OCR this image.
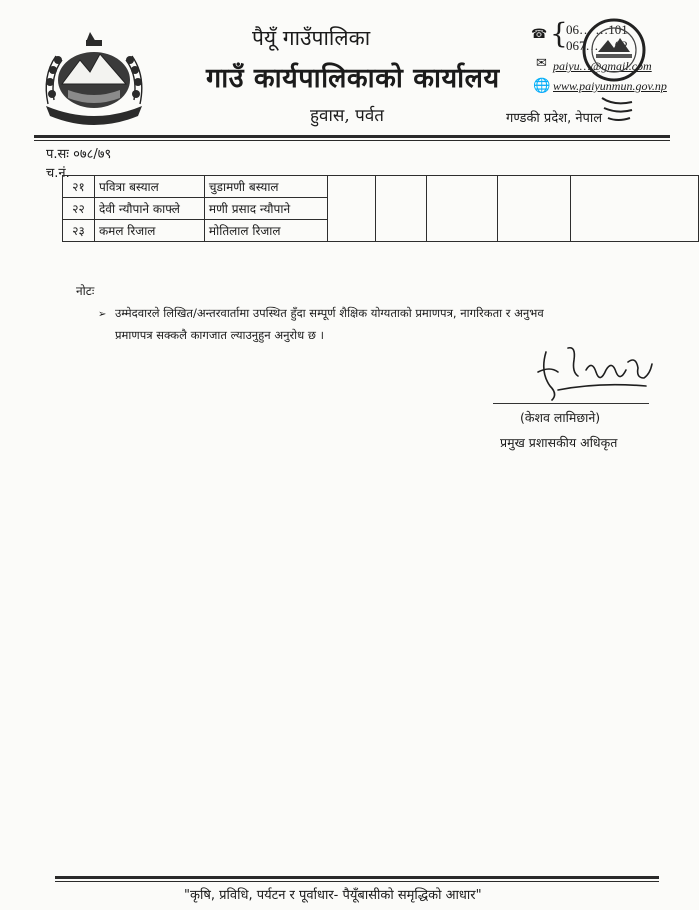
पैयूँ गाउँपालिका
गाउँ कार्यपालिकाको कार्यालय
हुवास, पर्वत
☎ {
06… …101
067… …02
✉ paiyu…@gmail.com
🌐 www.paiyunmun.gov.np
गण्डकी प्रदेश, नेपाल
प.सः ०७८/७९
च.नं.
२१	पवित्रा बस्याल	चुडामणी बस्याल					
२२	देवी न्यौपाने काफ्ले	मणी प्रसाद न्यौपाने					
२३	कमल रिजाल	मोतिलाल रिजाल					
नोटः
➢ उम्मेदवारले लिखित/अन्तरवार्तामा उपस्थित हुँदा सम्पूर्ण शैक्षिक योग्यताको प्रमाणपत्र, नागरिकता र अनुभव
प्रमाणपत्र सक्कलै कागजात ल्याउनुहुन अनुरोध छ ।
(केशव लामिछाने)
प्रमुख प्रशासकीय अधिकृत
"कृषि, प्रविधि, पर्यटन र पूर्वाधार- पैयूँबासीको समृद्धिको आधार"
